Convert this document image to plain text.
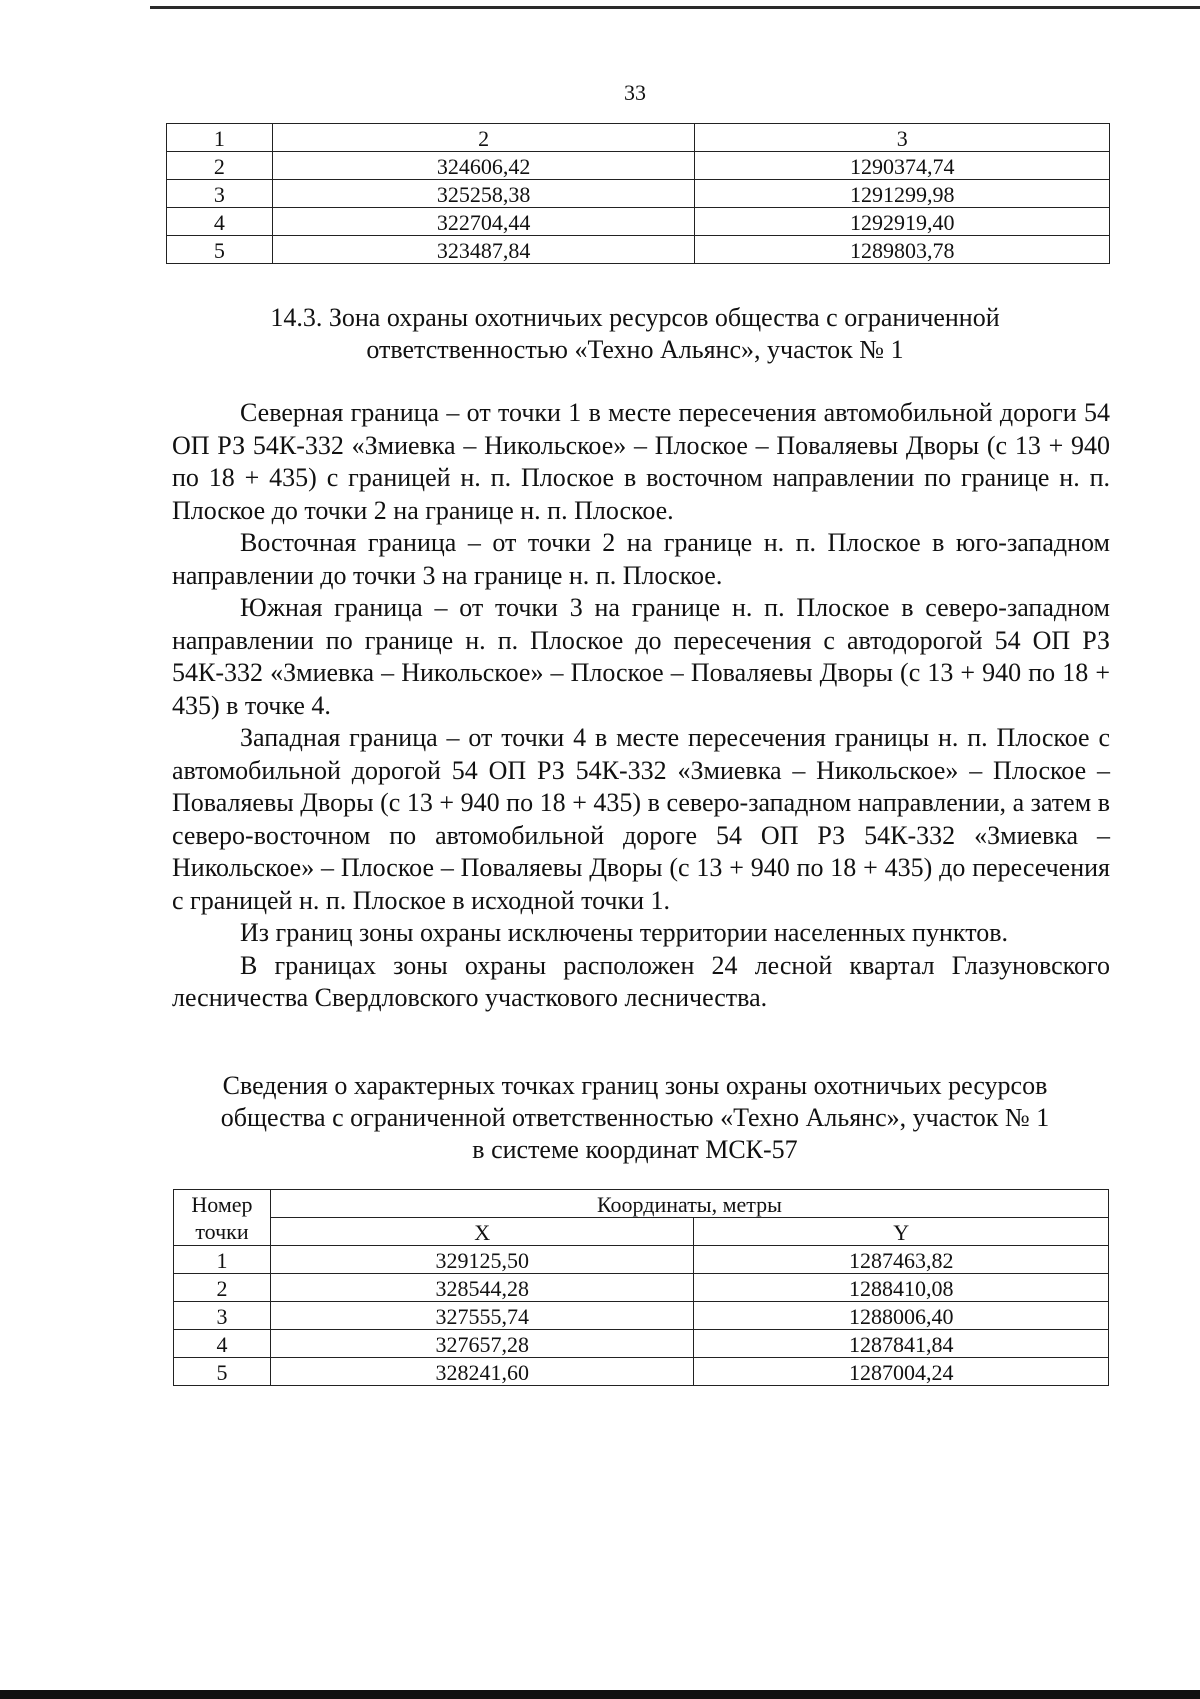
33
1	2	3
2	324606,42	1290374,74
3	325258,38	1291299,98
4	322704,44	1292919,40
5	323487,84	1289803,78
14.3. Зона охраны охотничьих ресурсов общества с ограниченной
ответственностью «Техно Альянс», участок № 1

Северная граница – от точки 1 в месте пересечения автомобильной дороги 54 ОП РЗ 54К-332 «Змиевка – Никольское» – Плоское – Поваляевы Дворы (с 13 + 940 по 18 + 435) с границей н. п. Плоское в восточном направлении по границе н. п. Плоское до точки 2 на границе н. п. Плоское.

Восточная граница – от точки 2 на границе н. п. Плоское в юго-западном направлении до точки 3 на границе н. п. Плоское.

Южная граница – от точки 3 на границе н. п. Плоское в северо-западном направлении по границе н. п. Плоское до пересечения с автодорогой 54 ОП РЗ 54К-332 «Змиевка – Никольское» – Плоское – Поваляевы Дворы (с 13 + 940 по 18 + 435) в точке 4.

Западная граница – от точки 4 в месте пересечения границы н. п. Плоское с автомобильной дорогой 54 ОП РЗ 54К-332 «Змиевка – Никольское» – Плоское – Поваляевы Дворы (с 13 + 940 по 18 + 435) в северо-западном направлении, а затем в северо-восточном по автомобильной дороге 54 ОП РЗ 54К-332 «Змиевка – Никольское» – Плоское – Поваляевы Дворы (с 13 + 940 по 18 + 435) до пересечения с границей н. п. Плоское в исходной точки 1.

Из границ зоны охраны исключены территории населенных пунктов.

В границах зоны охраны расположен 24 лесной квартал Глазуновского лесничества Свердловского участкового лесничества.

Сведения о характерных точках границ зоны охраны охотничьих ресурсов
общества с ограниченной ответственностью «Техно Альянс», участок № 1
в системе координат МСК-57
Номер	Координаты, метры	
точки	X	Y
1	329125,50	1287463,82
2	328544,28	1288410,08
3	327555,74	1288006,40
4	327657,28	1287841,84
5	328241,60	1287004,24
